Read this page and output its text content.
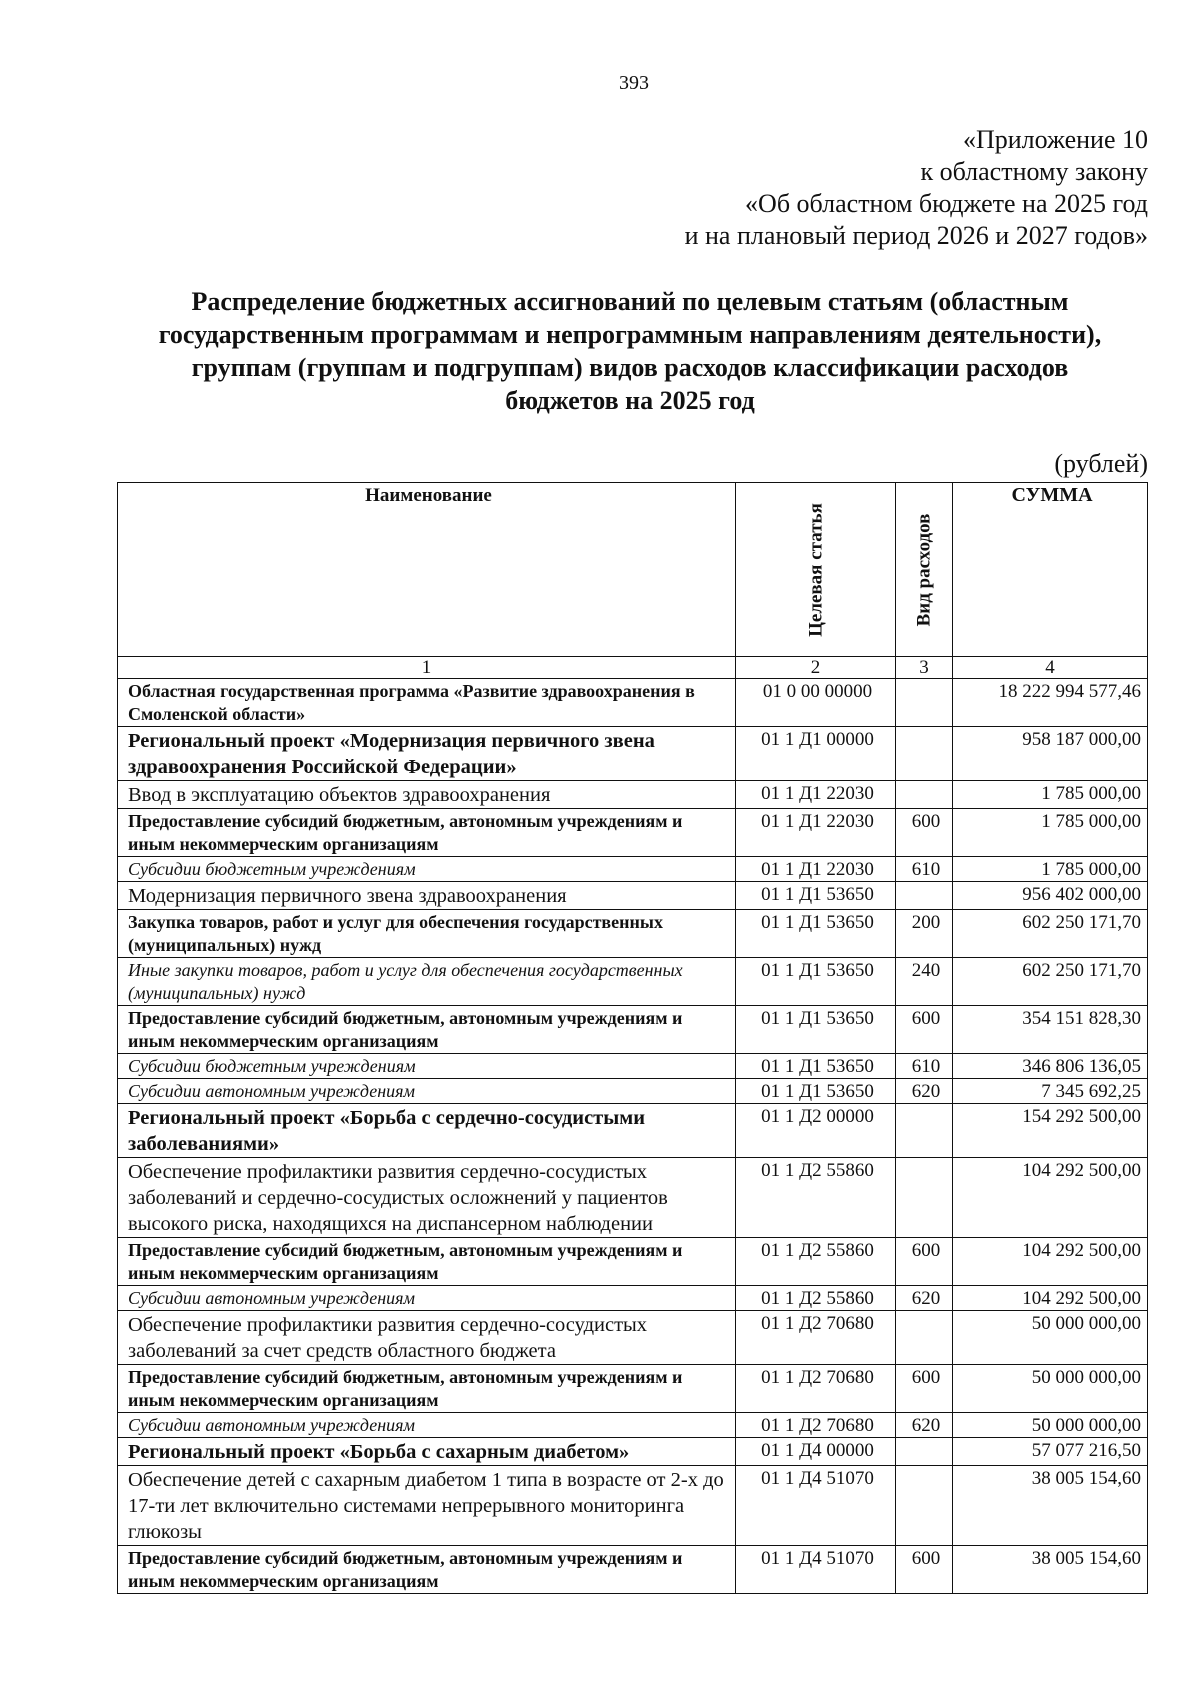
393
«Приложение 10
к областному закону
«Об областном бюджете на 2025 год
и на плановый период 2026 и 2027 годов»
Распределение бюджетных ассигнований по целевым статьям (областным
государственным программам и непрограммным направлениям деятельности),
группам (группам и подгруппам) видов расходов классификации расходов
бюджетов на 2025 год
(рублей)
Наименование	Целевая статья	Вид расходов	СУММА
1	2	3	4
Областная государственная программа «Развитие здравоохранения в Смоленской области»	01 0 00 00000		18 222 994 577,46
Региональный проект «Модернизация первичного звена здравоохранения Российской Федерации»	01 1 Д1 00000		958 187 000,00
Ввод в эксплуатацию объектов здравоохранения	01 1 Д1 22030		1 785 000,00
Предоставление субсидий бюджетным, автономным учреждениям и иным некоммерческим организациям	01 1 Д1 22030	600	1 785 000,00
Субсидии бюджетным учреждениям	01 1 Д1 22030	610	1 785 000,00
Модернизация первичного звена здравоохранения	01 1 Д1 53650		956 402 000,00
Закупка товаров, работ и услуг для обеспечения государственных (муниципальных) нужд	01 1 Д1 53650	200	602 250 171,70
Иные закупки товаров, работ и услуг для обеспечения государственных (муниципальных) нужд	01 1 Д1 53650	240	602 250 171,70
Предоставление субсидий бюджетным, автономным учреждениям и иным некоммерческим организациям	01 1 Д1 53650	600	354 151 828,30
Субсидии бюджетным учреждениям	01 1 Д1 53650	610	346 806 136,05
Субсидии автономным учреждениям	01 1 Д1 53650	620	7 345 692,25
Региональный проект «Борьба с сердечно-сосудистыми заболеваниями»	01 1 Д2 00000		154 292 500,00
Обеспечение профилактики развития сердечно-сосудистых заболеваний и сердечно-сосудистых осложнений у пациентов высокого риска, находящихся на диспансерном наблюдении	01 1 Д2 55860		104 292 500,00
Предоставление субсидий бюджетным, автономным учреждениям и иным некоммерческим организациям	01 1 Д2 55860	600	104 292 500,00
Субсидии автономным учреждениям	01 1 Д2 55860	620	104 292 500,00
Обеспечение профилактики развития сердечно-сосудистых заболеваний за счет средств областного бюджета	01 1 Д2 70680		50 000 000,00
Предоставление субсидий бюджетным, автономным учреждениям и иным некоммерческим организациям	01 1 Д2 70680	600	50 000 000,00
Субсидии автономным учреждениям	01 1 Д2 70680	620	50 000 000,00
Региональный проект «Борьба с сахарным диабетом»	01 1 Д4 00000		57 077 216,50
Обеспечение детей с сахарным диабетом 1 типа в возрасте от 2-х до 17-ти лет включительно системами непрерывного мониторинга глюкозы	01 1 Д4 51070		38 005 154,60
Предоставление субсидий бюджетным, автономным учреждениям и иным некоммерческим организациям	01 1 Д4 51070	600	38 005 154,60
